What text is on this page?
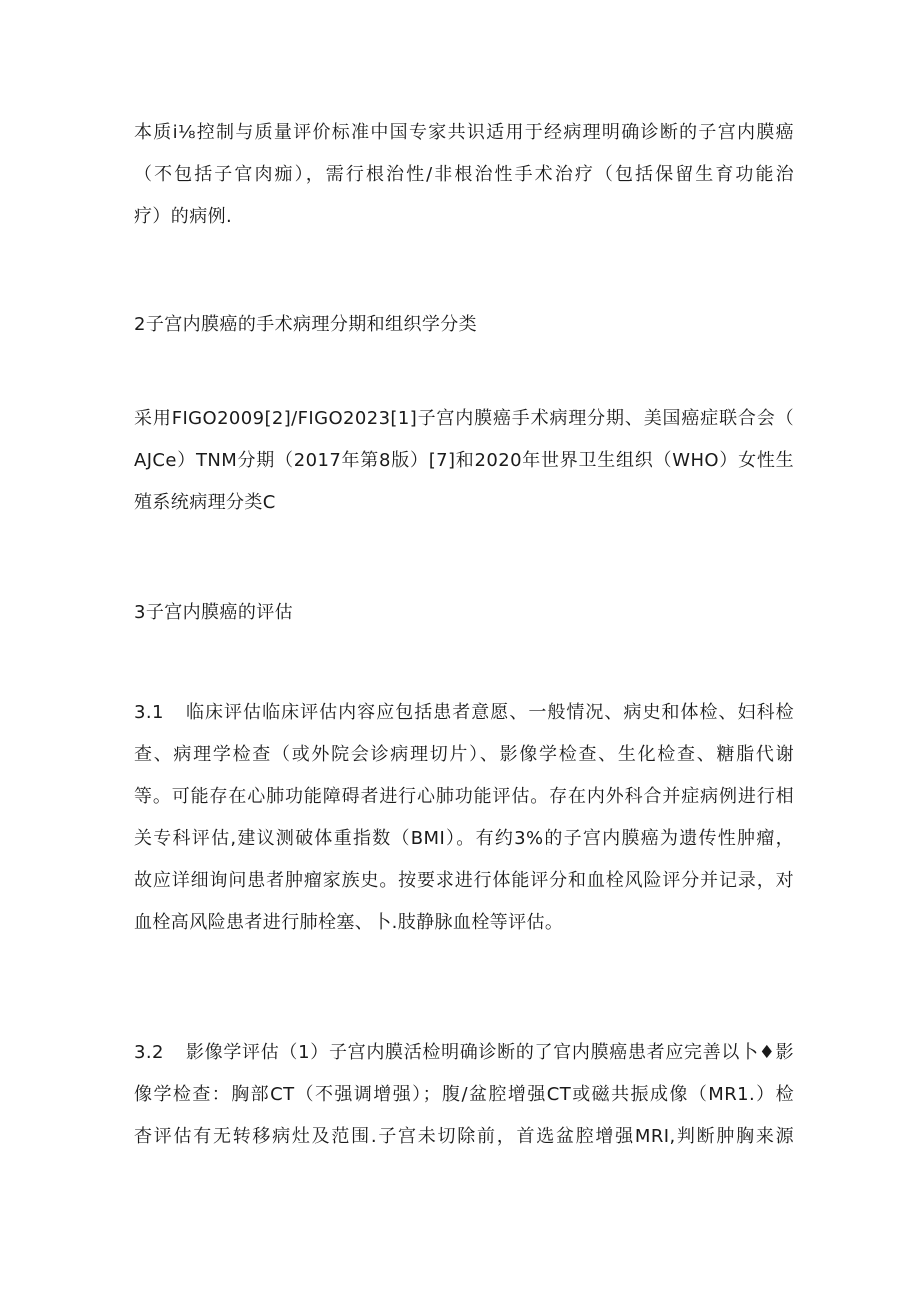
本质i⅛控制与质量评价标准中国专家共识适用于经病理明确诊断的子宫内膜癌
（不包括子官肉痂），需行根治性/非根治性手术治疗（包括保留生育功能治
疗）的病例.
2子宫内膜癌的手术病理分期和组织学分类
采用FIGO2009[2]/FIGO2023[1]子宫内膜癌手术病理分期、美国癌症联合会（
AJCe）TNM分期（2017年第8版）[7]和2020年世界卫生组织（WHO）女性生
殖系统病理分类C
3子宫内膜癌的评估
3.1	临床评估临床评估内容应包括患者意愿、一般情况、病史和体检、妇科检
查、病理学检查（或外院会诊病理切片）、影像学检查、生化检查、糖脂代谢
等。可能存在心肺功能障碍者进行心肺功能评估。存在内外科合并症病例进行相
关专科评估,建议测破体重指数（BMI）。有约3%的子宫内膜癌为遗传性肿瘤，
故应详细询问患者肿瘤家族史。按要求进行体能评分和血栓风险评分并记录，对
血栓高风险患者进行肺栓塞、卜.肢静脉血栓等评估。
3.2	影像学评估（1）子宫内膜活检明确诊断的了官内膜癌患者应完善以卜♦影
像学检查：胸部CT（不强调增强）；腹/盆腔增强CT或磁共振成像（MR1.）检
杳评估有无转移病灶及范围.子宫未切除前，首选盆腔增强MRI,判断肿胸来源
